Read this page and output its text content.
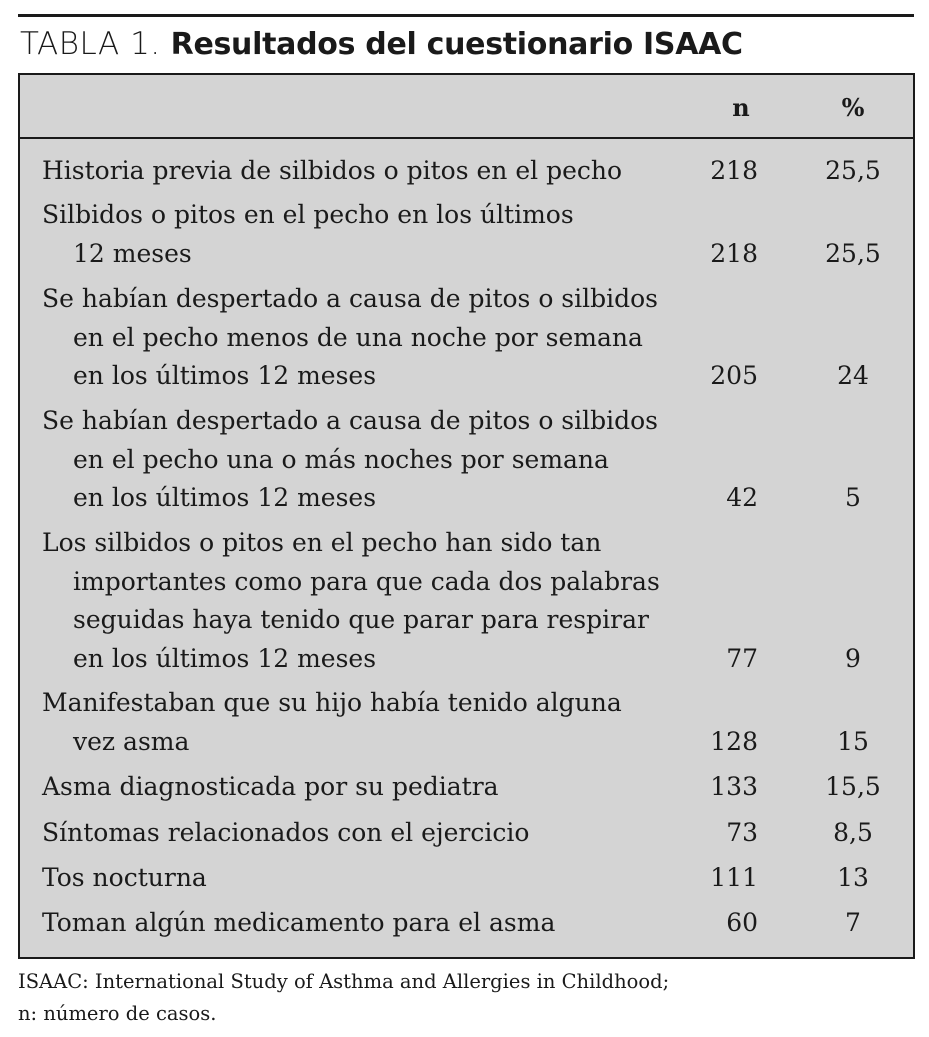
TABLA 1. Resultados del cuestionario ISAAC
n	%
Historia previa de silbidos o pitos en el pecho	218	25,5
Silbidos o pitos en el pecho en los últimos
12 meses	218	25,5
Se habían despertado a causa de pitos o silbidos
en el pecho menos de una noche por semana
en los últimos 12 meses	205	24
Se habían despertado a causa de pitos o silbidos
en el pecho una o más noches por semana
en los últimos 12 meses	42	5
Los silbidos o pitos en el pecho han sido tan
importantes como para que cada dos palabras
seguidas haya tenido que parar para respirar
en los últimos 12 meses	77	9
Manifestaban que su hijo había tenido alguna
vez asma	128	15
Asma diagnosticada por su pediatra	133	15,5
Síntomas relacionados con el ejercicio	73	8,5
Tos nocturna	111	13
Toman algún medicamento para el asma	60	7
ISAAC: International Study of Asthma and Allergies in Childhood;
n: número de casos.
